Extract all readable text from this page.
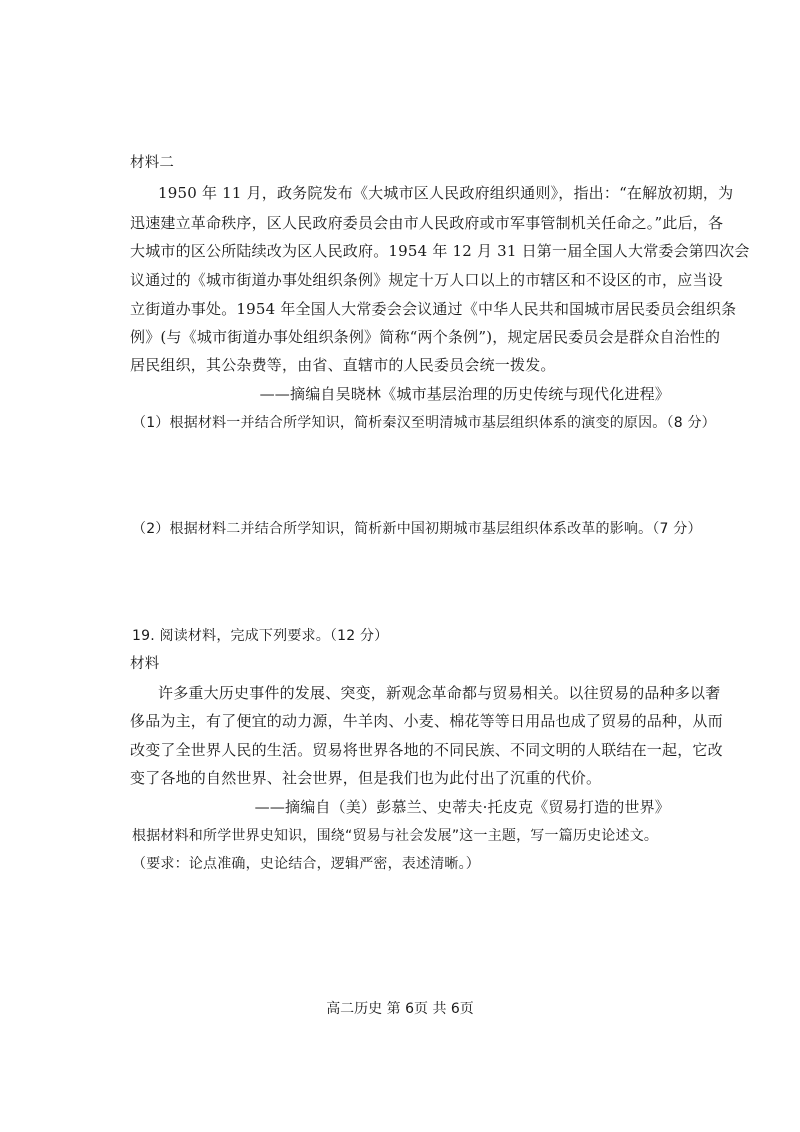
材料二
1950 年 11 月，政务院发布《大城市区人民政府组织通则》，指出：“在解放初期，为
迅速建立革命秩序，区人民政府委员会由市人民政府或市军事管制机关任命之。”此后，各
大城市的区公所陆续改为区人民政府。1954 年 12 月 31 日第一届全国人大常委会第四次会
议通过的《城市街道办事处组织条例》规定十万人口以上的市辖区和不设区的市，应当设
立街道办事处。1954 年全国人大常委会会议通过《中华人民共和国城市居民委员会组织条
例》(与《城市街道办事处组织条例》简称“两个条例”)，规定居民委员会是群众自治性的
居民组织，其公杂费等，由省、直辖市的人民委员会统一拨发。
——摘编自吴晓林《城市基层治理的历史传统与现代化进程》
（1）根据材料一并结合所学知识，简析秦汉至明清城市基层组织体系的演变的原因。（8 分）
（2）根据材料二并结合所学知识，简析新中国初期城市基层组织体系改革的影响。（7 分）
19. 阅读材料，完成下列要求。（12 分）
材料
许多重大历史事件的发展、突变，新观念革命都与贸易相关。以往贸易的品种多以奢
侈品为主，有了便宜的动力源，牛羊肉、小麦、棉花等等日用品也成了贸易的品种，从而
改变了全世界人民的生活。贸易将世界各地的不同民族、不同文明的人联结在一起，它改
变了各地的自然世界、社会世界，但是我们也为此付出了沉重的代价。
——摘编自（美）彭慕兰、史蒂夫·托皮克《贸易打造的世界》
根据材料和所学世界史知识，围绕“贸易与社会发展”这一主题，写一篇历史论述文。
（要求：论点准确，史论结合，逻辑严密，表述清晰。）
高二历史 第 6页 共 6页
